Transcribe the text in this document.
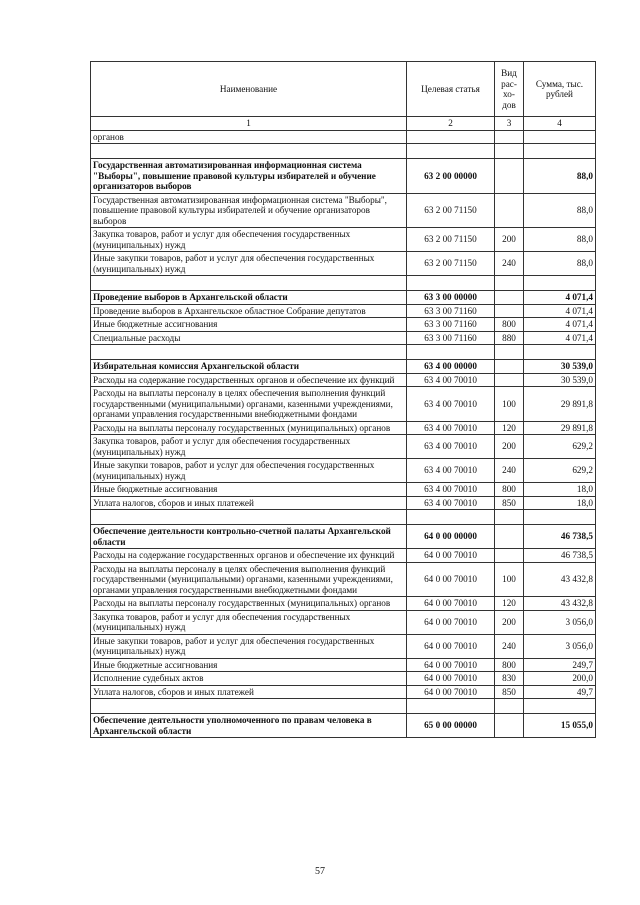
Наименование	Целевая статья	Вид рас-хо-дов	Сумма, тыс. рублей
1	2	3	4
органов			

Государственная автоматизированная информационная система "Выборы", повышение правовой культуры избирателей и обучение организаторов выборов	63 2 00 00000		88,0
Государственная автоматизированная информационная система "Выборы", повышение правовой культуры избирателей и обучение организаторов выборов	63 2 00 71150		88,0
Закупка товаров, работ и услуг для обеспечения государственных (муниципальных) нужд	63 2 00 71150	200	88,0
Иные закупки товаров, работ и услуг для обеспечения государственных (муниципальных) нужд	63 2 00 71150	240	88,0

Проведение выборов в Архангельской области	63 3 00 00000		4 071,4
Проведение выборов в Архангельское областное Собрание депутатов	63 3 00 71160		4 071,4
Иные бюджетные ассигнования	63 3 00 71160	800	4 071,4
Специальные расходы	63 3 00 71160	880	4 071,4

Избирательная комиссия Архангельской области	63 4 00 00000		30 539,0
Расходы на содержание государственных органов и обеспечение их функций	63 4 00 70010		30 539,0
Расходы на выплаты персоналу в целях обеспечения выполнения функций государственными (муниципальными) органами, казенными учреждениями, органами управления государственными внебюджетными фондами	63 4 00 70010	100	29 891,8
Расходы на выплаты персоналу государственных (муниципальных) органов	63 4 00 70010	120	29 891,8
Закупка товаров, работ и услуг для обеспечения государственных (муниципальных) нужд	63 4 00 70010	200	629,2
Иные закупки товаров, работ и услуг для обеспечения государственных (муниципальных) нужд	63 4 00 70010	240	629,2
Иные бюджетные ассигнования	63 4 00 70010	800	18,0
Уплата налогов, сборов и иных платежей	63 4 00 70010	850	18,0

Обеспечение деятельности контрольно-счетной палаты Архангельской области	64 0 00 00000		46 738,5
Расходы на содержание государственных органов и обеспечение их функций	64 0 00 70010		46 738,5
Расходы на выплаты персоналу в целях обеспечения выполнения функций государственными (муниципальными) органами, казенными учреждениями, органами управления государственными внебюджетными фондами	64 0 00 70010	100	43 432,8
Расходы на выплаты персоналу государственных (муниципальных) органов	64 0 00 70010	120	43 432,8
Закупка товаров, работ и услуг для обеспечения государственных (муниципальных) нужд	64 0 00 70010	200	3 056,0
Иные закупки товаров, работ и услуг для обеспечения государственных (муниципальных) нужд	64 0 00 70010	240	3 056,0
Иные бюджетные ассигнования	64 0 00 70010	800	249,7
Исполнение судебных актов	64 0 00 70010	830	200,0
Уплата налогов, сборов и иных платежей	64 0 00 70010	850	49,7

Обеспечение деятельности уполномоченного по правам человека в Архангельской области	65 0 00 00000		15 055,0
57
